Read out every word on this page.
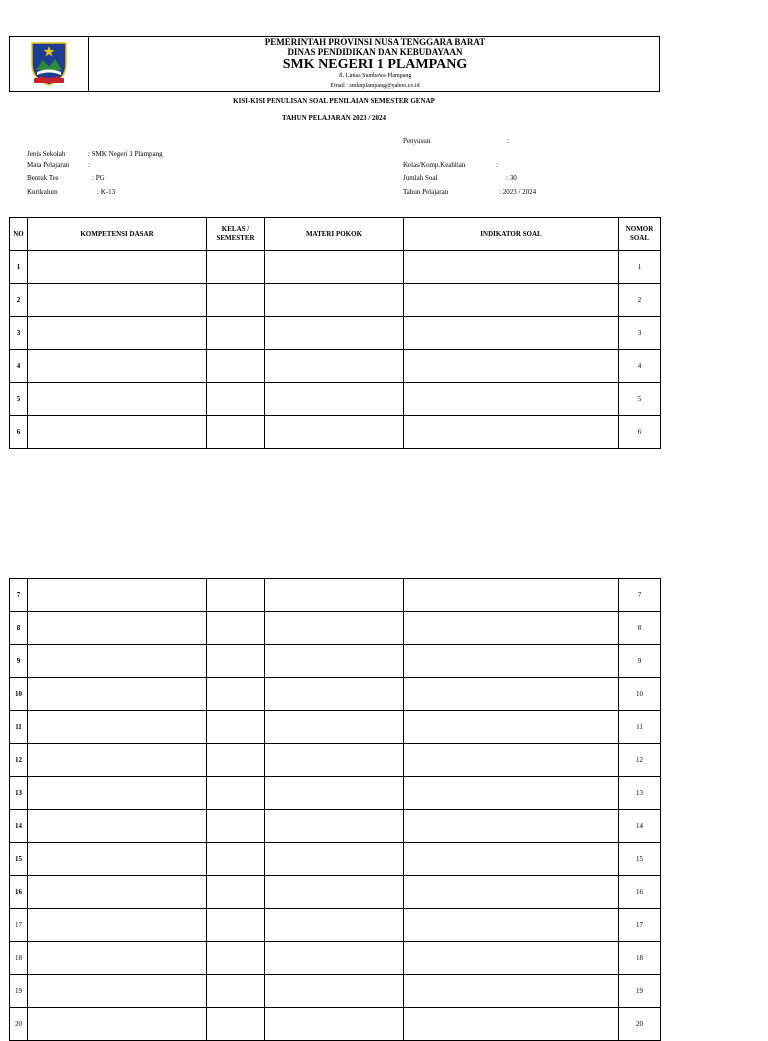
PEMERINTAH PROVINSI NUSA TENGGARA BARAT
DINAS PENDIDIKAN DAN KEBUDAYAAN
SMK NEGERI 1 PLAMPANG
Jl. Lintas Sumbawa Plampang
Email : smknplampang@yahoo.co.id
KISI-KISI PENULISAN SOAL PENILAIAN SEMESTER GENAP
TAHUN PELAJARAN 2023 / 2024
Jenis Sekolah	: SMK Negeri 1 Plampang
Mata Pelajaran	:
Bentuk Tes	: PG
Kurikulum	: K-13
Penyusun	:
Kelas/Komp.Keahlian	:
Jumlah Soal	: 30
Tahun Pelajaran	: 2023 / 2024
NO	KOMPETENSI DASAR	KELAS / SEMESTER	MATERI POKOK	INDIKATOR SOAL	NOMOR SOAL
1					1
2					2
3					3
4					4
5					5
6					6
7					7
8					8
9					9
10					10
11					11
12					12
13					13
14					14
15					15
16					16
17					17
18					18
19					19
20					20
